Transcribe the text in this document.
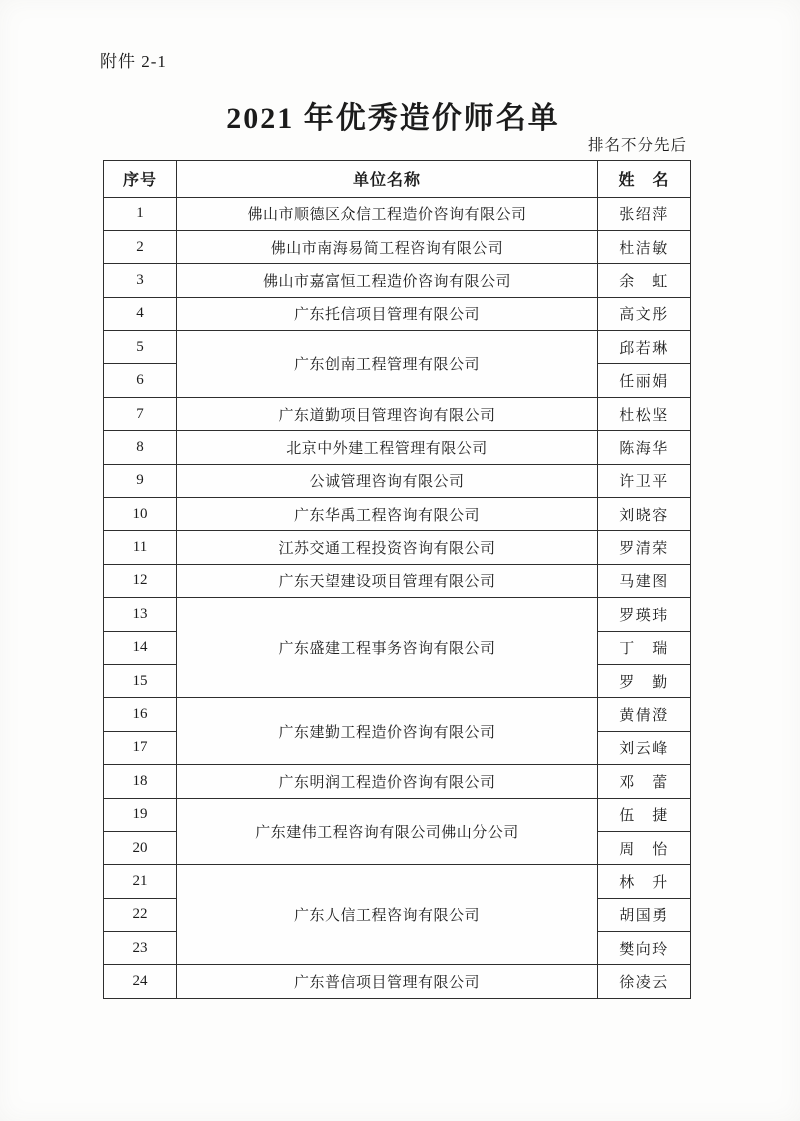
附件 2-1
2021 年优秀造价师名单
排名不分先后
序号	单位名称	姓　名
1	佛山市顺德区众信工程造价咨询有限公司	张绍萍
2	佛山市南海易简工程咨询有限公司	杜洁敏
3	佛山市嘉富恒工程造价咨询有限公司	余　虹
4	广东托信项目管理有限公司	高文彤
5	广东创南工程管理有限公司	邱若琳
6		任丽娟
7	广东道勤项目管理咨询有限公司	杜松坚
8	北京中外建工程管理有限公司	陈海华
9	公诚管理咨询有限公司	许卫平
10	广东华禹工程咨询有限公司	刘晓容
11	江苏交通工程投资咨询有限公司	罗清荣
12	广东天望建设项目管理有限公司	马建图
13	广东盛建工程事务咨询有限公司	罗瑛玮
14		丁　瑞
15		罗　勤
16	广东建勤工程造价咨询有限公司	黄倩澄
17		刘云峰
18	广东明润工程造价咨询有限公司	邓　蕾
19	广东建伟工程咨询有限公司佛山分公司	伍　捷
20		周　怡
21	广东人信工程咨询有限公司	林　升
22		胡国勇
23		樊向玲
24	广东普信项目管理有限公司	徐凌云
